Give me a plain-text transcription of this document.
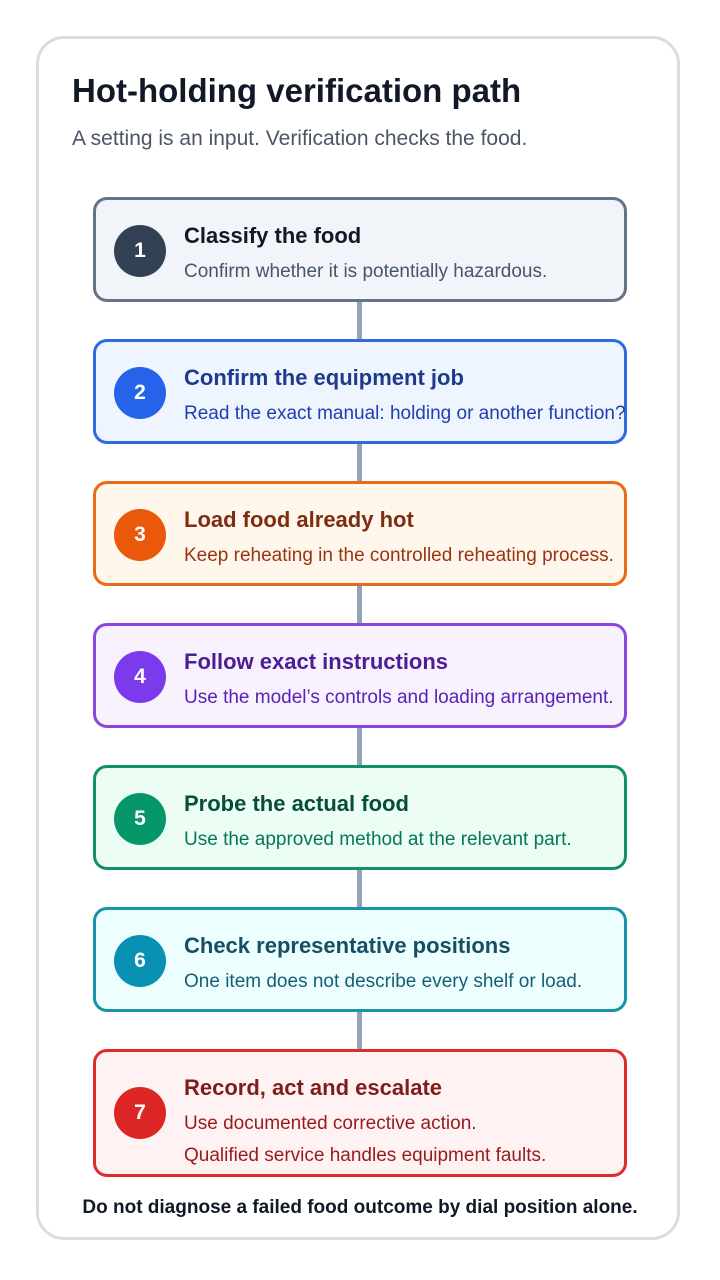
Hot-holding verification path
A setting is an input. Verification checks the food.
1
Classify the food
Confirm whether it is potentially hazardous.
2
Confirm the equipment job
Read the exact manual: holding or another function?
3
Load food already hot
Keep reheating in the controlled reheating process.
4
Follow exact instructions
Use the model’s controls and loading arrangement.
5
Probe the actual food
Use the approved method at the relevant part.
6
Check representative positions
One item does not describe every shelf or load.
7
Record, act and escalate
Use documented corrective action.
Qualified service handles equipment faults.
Do not diagnose a failed food outcome by dial position alone.
